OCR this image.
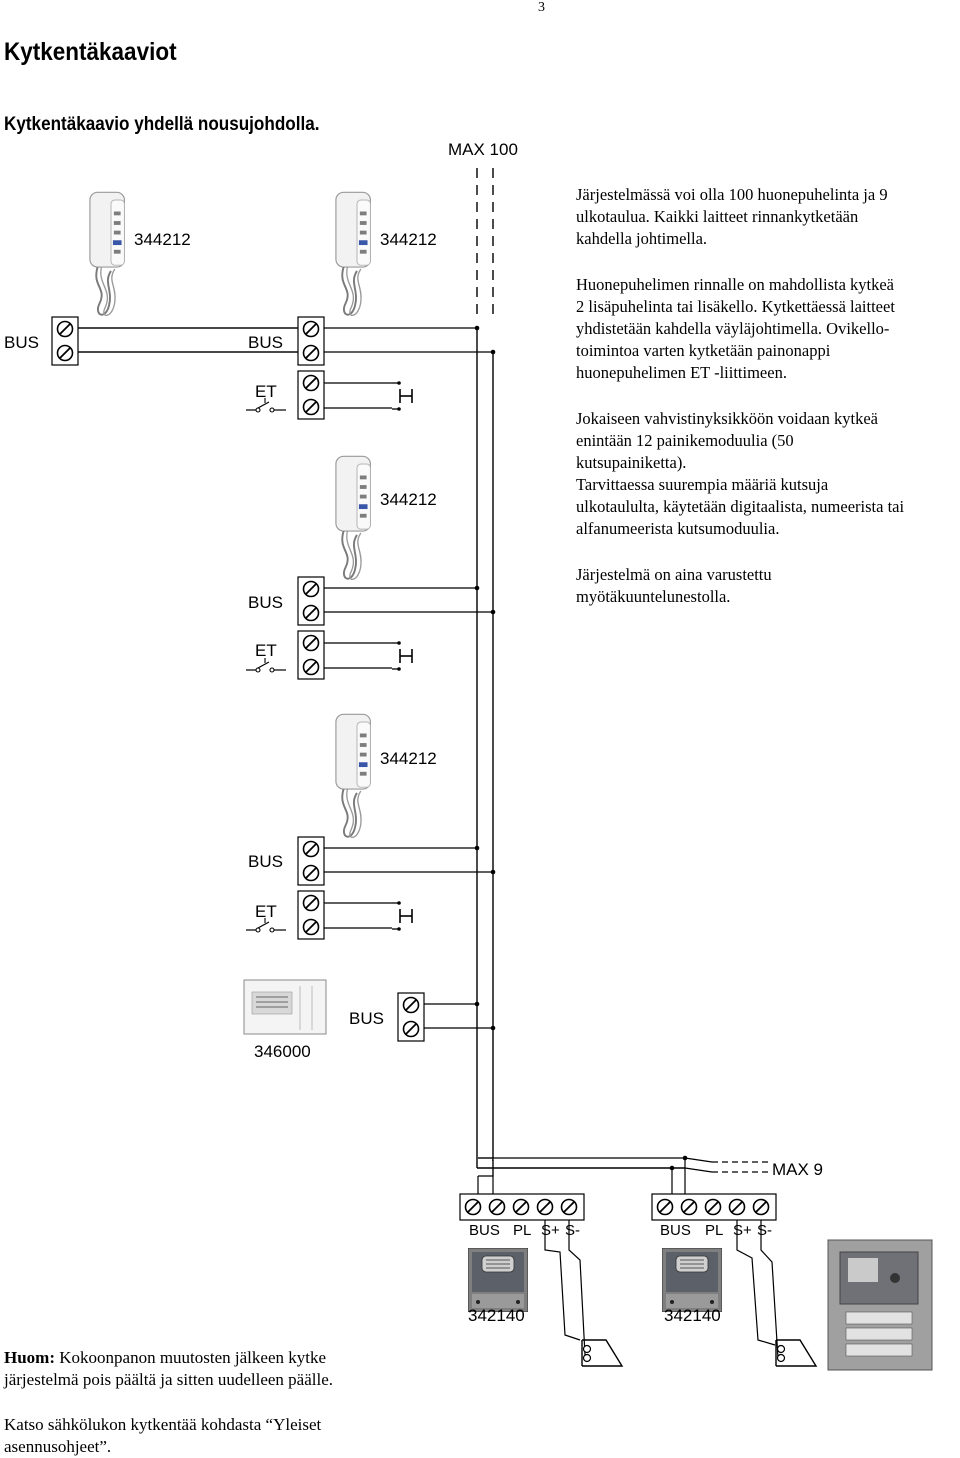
3
Kytkentäkaaviot
Kytkentäkaavio yhdellä nousujohdolla.
MAX 100
344212	344212
344212
344212
BUS	BUS
ET
BUS
ET
BUS
ET
BUS
346000
MAX 9
BUS PL S+ S-	BUS PL S+ S-
342140	342140
Järjestelmässä voi olla 100 huonepuhelinta ja 9
ulkotaulua. Kaikki laitteet rinnankytketään
kahdella johtimella.
Huonepuhelimen rinnalle on mahdollista kytkeä
2 lisäpuhelinta tai lisäkello. Kytkettäessä laitteet
yhdistetään kahdella väyläjohtimella. Ovikello-
toimintoa varten kytketään painonappi
huonepuhelimen ET -liittimeen.
Jokaiseen vahvistinyksikköön voidaan kytkeä
enintään 12 painikemoduulia (50
kutsupainiketta).
Tarvittaessa suurempia määriä kutsuja
ulkotaululta, käytetään digitaalista, numeerista tai
alfanumeerista kutsumoduulia.
Järjestelmä on aina varustettu
myötäkuuntelunestolla.
Huom: Kokoonpanon muutosten jälkeen kytke
järjestelmä pois päältä ja sitten uudelleen päälle.
Katso sähkölukon kytkentää kohdasta “Yleiset
asennusohjeet”.
